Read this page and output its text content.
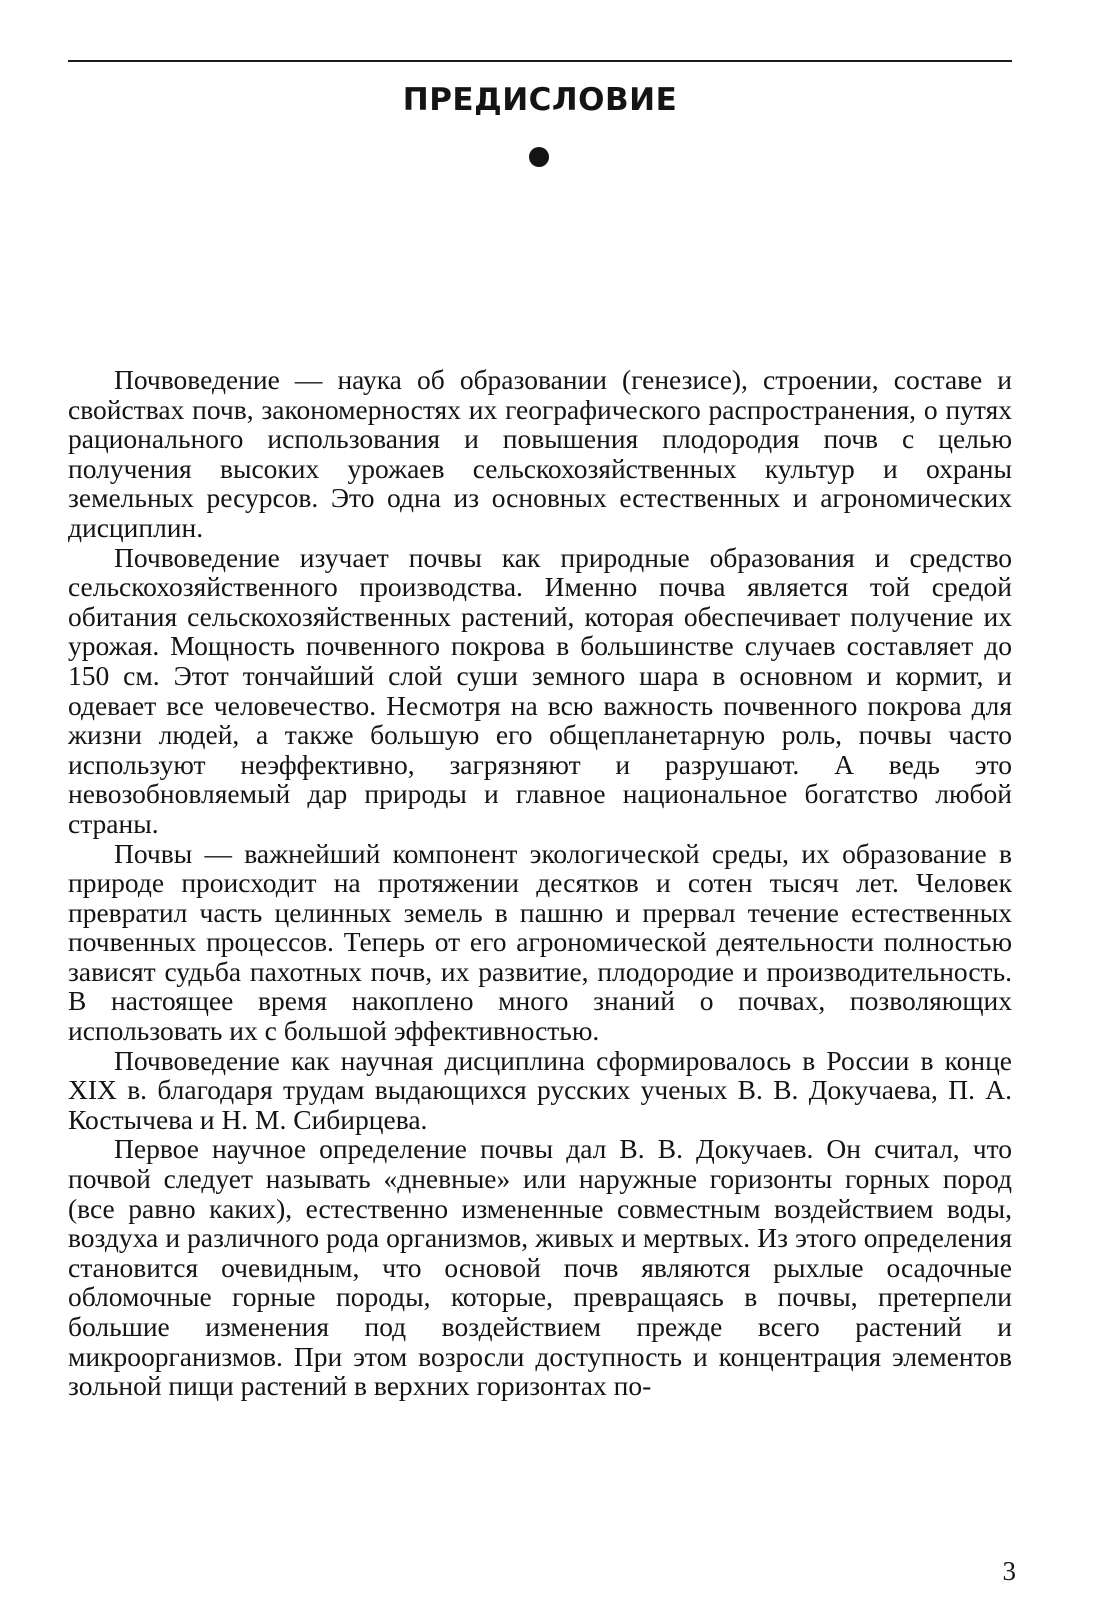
ПРЕДИСЛОВИЕ

Почвоведение — наука об образовании (генезисе), строении, составе и свойствах почв, закономерностях их географического распространения, о путях рационального использования и повышения плодородия почв с целью получения высоких урожаев сельскохозяйственных культур и охраны земельных ресурсов. Это одна из основных естественных и агрономических дисциплин.

Почвоведение изучает почвы как природные образования и средство сельскохозяйственного производства. Именно почва является той средой обитания сельскохозяйственных растений, которая обеспечивает получение их урожая. Мощность почвенного покрова в большинстве случаев составляет до 150 см. Этот тончайший слой суши земного шара в основном и кормит, и одевает все человечество. Несмотря на всю важность почвенного покрова для жизни людей, а также большую его общепланетарную роль, почвы часто используют неэффективно, загрязняют и разрушают. А ведь это невозобновляемый дар природы и главное национальное богатство любой страны.

Почвы — важнейший компонент экологической среды, их образование в природе происходит на протяжении десятков и сотен тысяч лет. Человек превратил часть целинных земель в пашню и прервал течение естественных почвенных процессов. Теперь от его агрономической деятельности полностью зависят судьба пахотных почв, их развитие, плодородие и производительность. В настоящее время накоплено много знаний о почвах, позволяющих использовать их с большой эффективностью.

Почвоведение как научная дисциплина сформировалось в России в конце XIX в. благодаря трудам выдающихся русских ученых В. В. Докучаева, П. А. Костычева и Н. М. Сибирцева.

Первое научное определение почвы дал В. В. Докучаев. Он считал, что почвой следует называть «дневные» или наружные горизонты горных пород (все равно каких), естественно измененные совместным воздействием воды, воздуха и различного рода организмов, живых и мертвых. Из этого определения становится очевидным, что основой почв являются рыхлые осадочные обломочные горные породы, которые, превращаясь в почвы, претерпели большие изменения под воздействием прежде всего растений и микроорганизмов. При этом возросли доступность и концентрация элементов зольной пищи растений в верхних горизонтах по-

3
